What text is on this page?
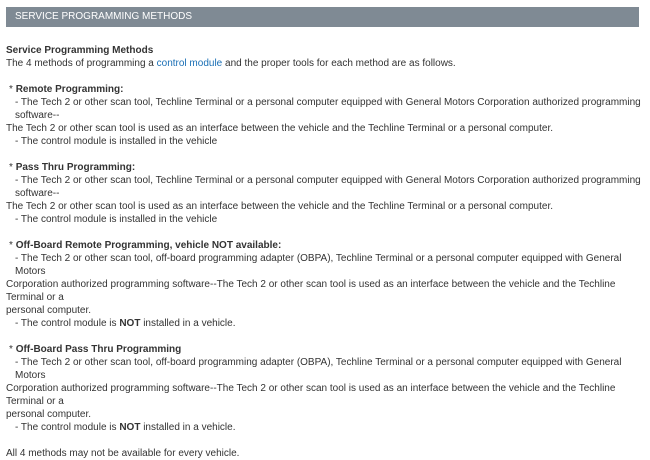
SERVICE PROGRAMMING METHODS

Service Programming Methods

The 4 methods of programming a control module and the proper tools for each method are as follows.

* Remote Programming:

- The Tech 2 or other scan tool, Techline Terminal or a personal computer equipped with General Motors Corporation authorized programming software--

The Tech 2 or other scan tool is used as an interface between the vehicle and the Techline Terminal or a personal computer.

- The control module is installed in the vehicle

* Pass Thru Programming:

- The Tech 2 or other scan tool, Techline Terminal or a personal computer equipped with General Motors Corporation authorized programming software--

The Tech 2 or other scan tool is used as an interface between the vehicle and the Techline Terminal or a personal computer.

- The control module is installed in the vehicle

* Off-Board Remote Programming, vehicle NOT available:

- The Tech 2 or other scan tool, off-board programming adapter (OBPA), Techline Terminal or a personal computer equipped with General Motors

Corporation authorized programming software--The Tech 2 or other scan tool is used as an interface between the vehicle and the Techline Terminal or a

personal computer.

- The control module is NOT installed in a vehicle.

* Off-Board Pass Thru Programming

- The Tech 2 or other scan tool, off-board programming adapter (OBPA), Techline Terminal or a personal computer equipped with General Motors

Corporation authorized programming software--The Tech 2 or other scan tool is used as an interface between the vehicle and the Techline Terminal or a

personal computer.

- The control module is NOT installed in a vehicle.

All 4 methods may not be available for every vehicle.
